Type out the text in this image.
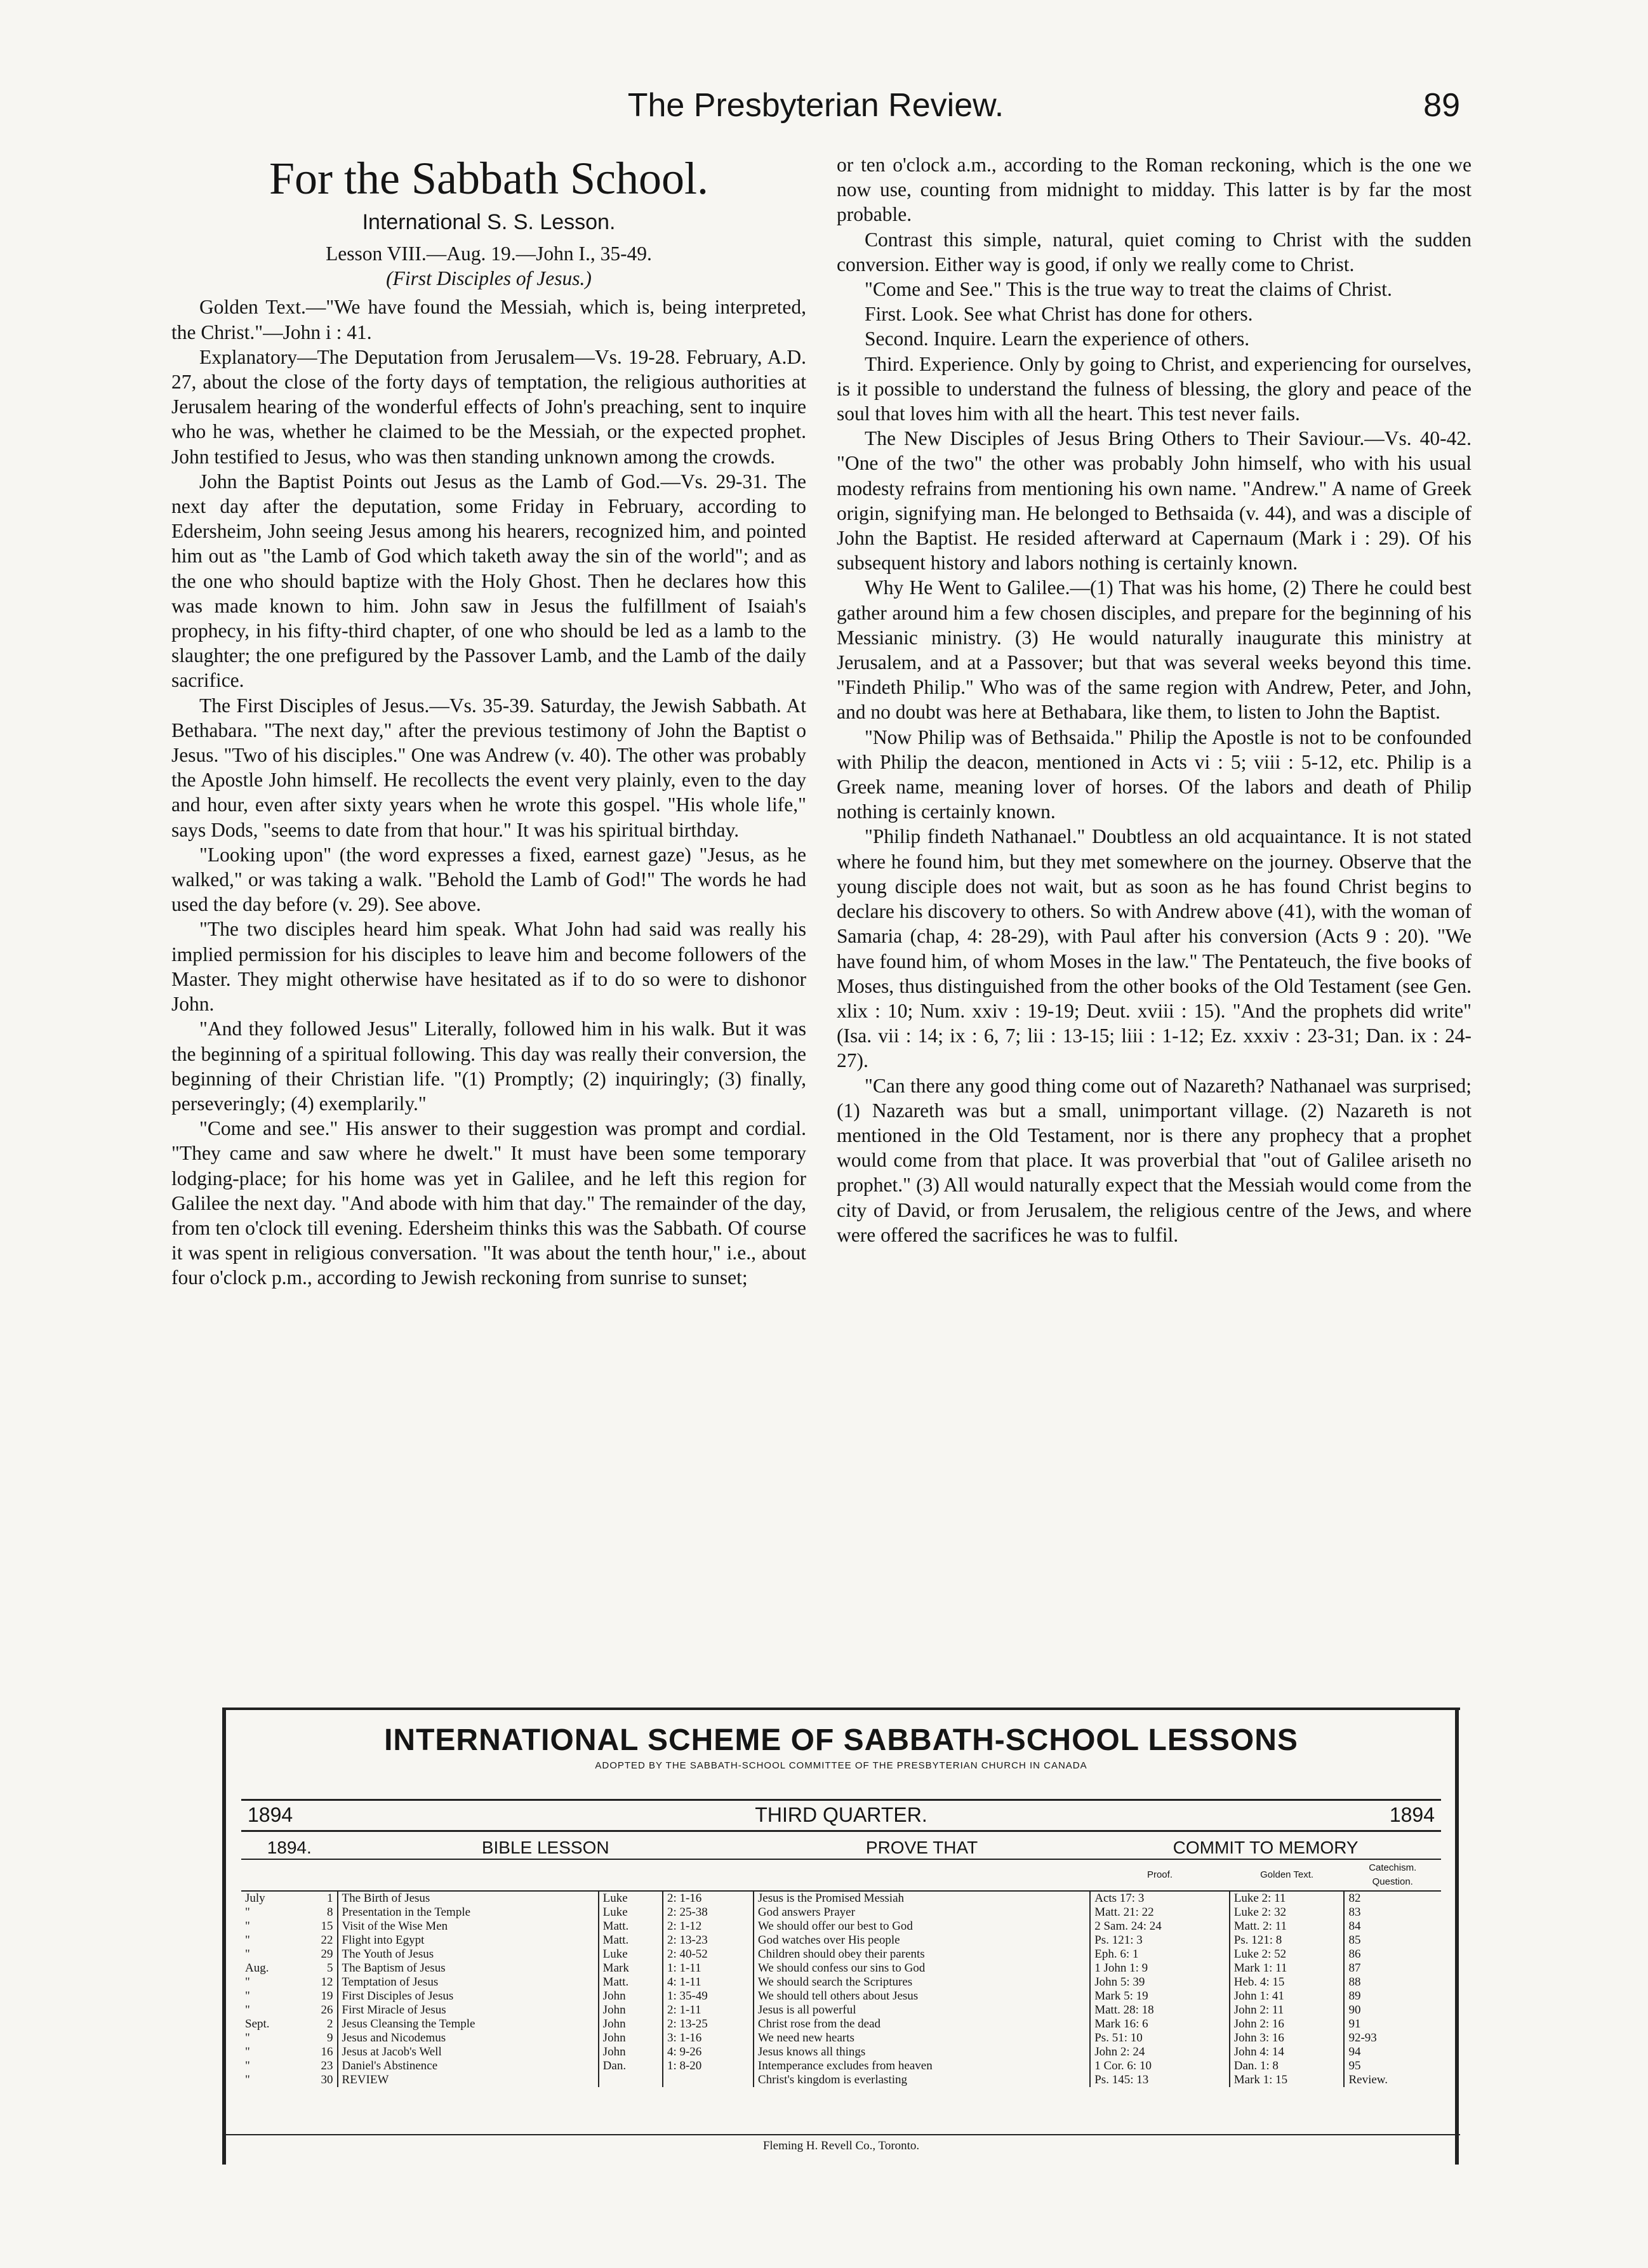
The Presbyterian Review.	89
For the Sabbath School.
International S. S. Lesson.
Lesson VIII.—Aug. 19.—John I., 35-49.
(First Disciples of Jesus.)

Golden Text.—"We have found the Messiah, which is, being interpreted, the Christ."—John i : 41.

Explanatory—The Deputation from Jerusalem—Vs. 19-28. February, A.D. 27, about the close of the forty days of temptation, the religious authorities at Jerusalem hearing of the wonderful effects of John's preaching, sent to inquire who he was, whether he claimed to be the Messiah, or the expected prophet. John testified to Jesus, who was then standing unknown among the crowds.

John the Baptist Points out Jesus as the Lamb of God.—Vs. 29-31. The next day after the deputation, some Friday in February, according to Edersheim, John seeing Jesus among his hearers, recognized him, and pointed him out as "the Lamb of God which taketh away the sin of the world"; and as the one who should baptize with the Holy Ghost. Then he declares how this was made known to him. John saw in Jesus the fulfillment of Isaiah's prophecy, in his fifty-third chapter, of one who should be led as a lamb to the slaughter; the one prefigured by the Passover Lamb, and the Lamb of the daily sacrifice.

The First Disciples of Jesus.—Vs. 35-39. Saturday, the Jewish Sabbath. At Bethabara. "The next day," after the previous testimony of John the Baptist o Jesus. "Two of his disciples." One was Andrew (v. 40). The other was probably the Apostle John himself. He recollects the event very plainly, even to the day and hour, even after sixty years when he wrote this gospel. "His whole life," says Dods, "seems to date from that hour." It was his spiritual birthday.

"Looking upon" (the word expresses a fixed, earnest gaze) "Jesus, as he walked," or was taking a walk. "Behold the Lamb of God!" The words he had used the day before (v. 29). See above.

"The two disciples heard him speak. What John had said was really his implied permission for his disciples to leave him and become followers of the Master. They might otherwise have hesitated as if to do so were to dishonor John.

"And they followed Jesus" Literally, followed him in his walk. But it was the beginning of a spiritual following. This day was really their conversion, the beginning of their Christian life. "(1) Promptly; (2) inquiringly; (3) finally, perseveringly; (4) exemplarily."

"Come and see." His answer to their suggestion was prompt and cordial. "They came and saw where he dwelt." It must have been some temporary lodging-place; for his home was yet in Galilee, and he left this region for Galilee the next day. "And abode with him that day." The remainder of the day, from ten o'clock till evening. Edersheim thinks this was the Sabbath. Of course it was spent in religious conversation. "It was about the tenth hour," i.e., about four o'clock p.m., according to Jewish reckoning from sunrise to sunset;

or ten o'clock a.m., according to the Roman reckoning, which is the one we now use, counting from midnight to midday. This latter is by far the most probable.

Contrast this simple, natural, quiet coming to Christ with the sudden conversion. Either way is good, if only we really come to Christ.

"Come and See." This is the true way to treat the claims of Christ.

First. Look. See what Christ has done for others.

Second. Inquire. Learn the experience of others.

Third. Experience. Only by going to Christ, and experiencing for ourselves, is it possible to understand the fulness of blessing, the glory and peace of the soul that loves him with all the heart. This test never fails.

The New Disciples of Jesus Bring Others to Their Saviour.—Vs. 40-42. "One of the two" the other was probably John himself, who with his usual modesty refrains from mentioning his own name. "Andrew." A name of Greek origin, signifying man. He belonged to Bethsaida (v. 44), and was a disciple of John the Baptist. He resided afterward at Capernaum (Mark i : 29). Of his subsequent history and labors nothing is certainly known.

Why He Went to Galilee.—(1) That was his home, (2) There he could best gather around him a few chosen disciples, and prepare for the beginning of his Messianic ministry. (3) He would naturally inaugurate this ministry at Jerusalem, and at a Passover; but that was several weeks beyond this time. "Findeth Philip." Who was of the same region with Andrew, Peter, and John, and no doubt was here at Bethabara, like them, to listen to John the Baptist.

"Now Philip was of Bethsaida." Philip the Apostle is not to be confounded with Philip the deacon, mentioned in Acts vi : 5; viii : 5-12, etc. Philip is a Greek name, meaning lover of horses. Of the labors and death of Philip nothing is certainly known.

"Philip findeth Nathanael." Doubtless an old acquaintance. It is not stated where he found him, but they met somewhere on the journey. Observe that the young disciple does not wait, but as soon as he has found Christ begins to declare his discovery to others. So with Andrew above (41), with the woman of Samaria (chap, 4: 28-29), with Paul after his conversion (Acts 9 : 20). "We have found him, of whom Moses in the law." The Pentateuch, the five books of Moses, thus distinguished from the other books of the Old Testament (see Gen. xlix : 10; Num. xxiv : 19-19; Deut. xviii : 15). "And the prophets did write" (Isa. vii : 14; ix : 6, 7; lii : 13-15; liii : 1-12; Ez. xxxiv : 23-31; Dan. ix : 24-27).

"Can there any good thing come out of Nazareth? Nathanael was surprised; (1) Nazareth was but a small, unimportant village. (2) Nazareth is not mentioned in the Old Testament, nor is there any prophecy that a prophet would come from that place. It was proverbial that "out of Galilee ariseth no prophet." (3) All would naturally expect that the Messiah would come from the city of David, or from Jerusalem, the religious centre of the Jews, and where were offered the sacrifices he was to fulfil.

INTERNATIONAL SCHEME OF SABBATH-SCHOOL LESSONS
ADOPTED BY THE SABBATH-SCHOOL COMMITTEE OF THE PRESBYTERIAN CHURCH IN CANADA
1894	THIRD QUARTER.	1894
1894.		BIBLE LESSON			PROVE THAT	COMMIT TO MEMORY		
						Proof.	Golden Text.	Catechism.
Question.
July	1	The Birth of Jesus	Luke	2: 1-16	Jesus is the Promised Messiah	Acts 17: 3	Luke 2: 11	82
"	8	Presentation in the Temple	Luke	2: 25-38	God answers Prayer	Matt. 21: 22	Luke 2: 32	83
"	15	Visit of the Wise Men	Matt.	2: 1-12	We should offer our best to God	2 Sam. 24: 24	Matt. 2: 11	84
"	22	Flight into Egypt	Matt.	2: 13-23	God watches over His people	Ps. 121: 3	Ps. 121: 8	85
"	29	The Youth of Jesus	Luke	2: 40-52	Children should obey their parents	Eph. 6: 1	Luke 2: 52	86
Aug.	5	The Baptism of Jesus	Mark	1: 1-11	We should confess our sins to God	1 John 1: 9	Mark 1: 11	87
"	12	Temptation of Jesus	Matt.	4: 1-11	We should search the Scriptures	John 5: 39	Heb. 4: 15	88
"	19	First Disciples of Jesus	John	1: 35-49	We should tell others about Jesus	Mark 5: 19	John 1: 41	89
"	26	First Miracle of Jesus	John	2: 1-11	Jesus is all powerful	Matt. 28: 18	John 2: 11	90
Sept.	2	Jesus Cleansing the Temple	John	2: 13-25	Christ rose from the dead	Mark 16: 6	John 2: 16	91
"	9	Jesus and Nicodemus	John	3: 1-16	We need new hearts	Ps. 51: 10	John 3: 16	92-93
"	16	Jesus at Jacob's Well	John	4: 9-26	Jesus knows all things	John 2: 24	John 4: 14	94
"	23	Daniel's Abstinence	Dan.	1: 8-20	Intemperance excludes from heaven	1 Cor. 6: 10	Dan. 1: 8	95
"	30	REVIEW			Christ's kingdom is everlasting	Ps. 145: 13	Mark 1: 15	Review.
Fleming H. Revell Co., Toronto.
